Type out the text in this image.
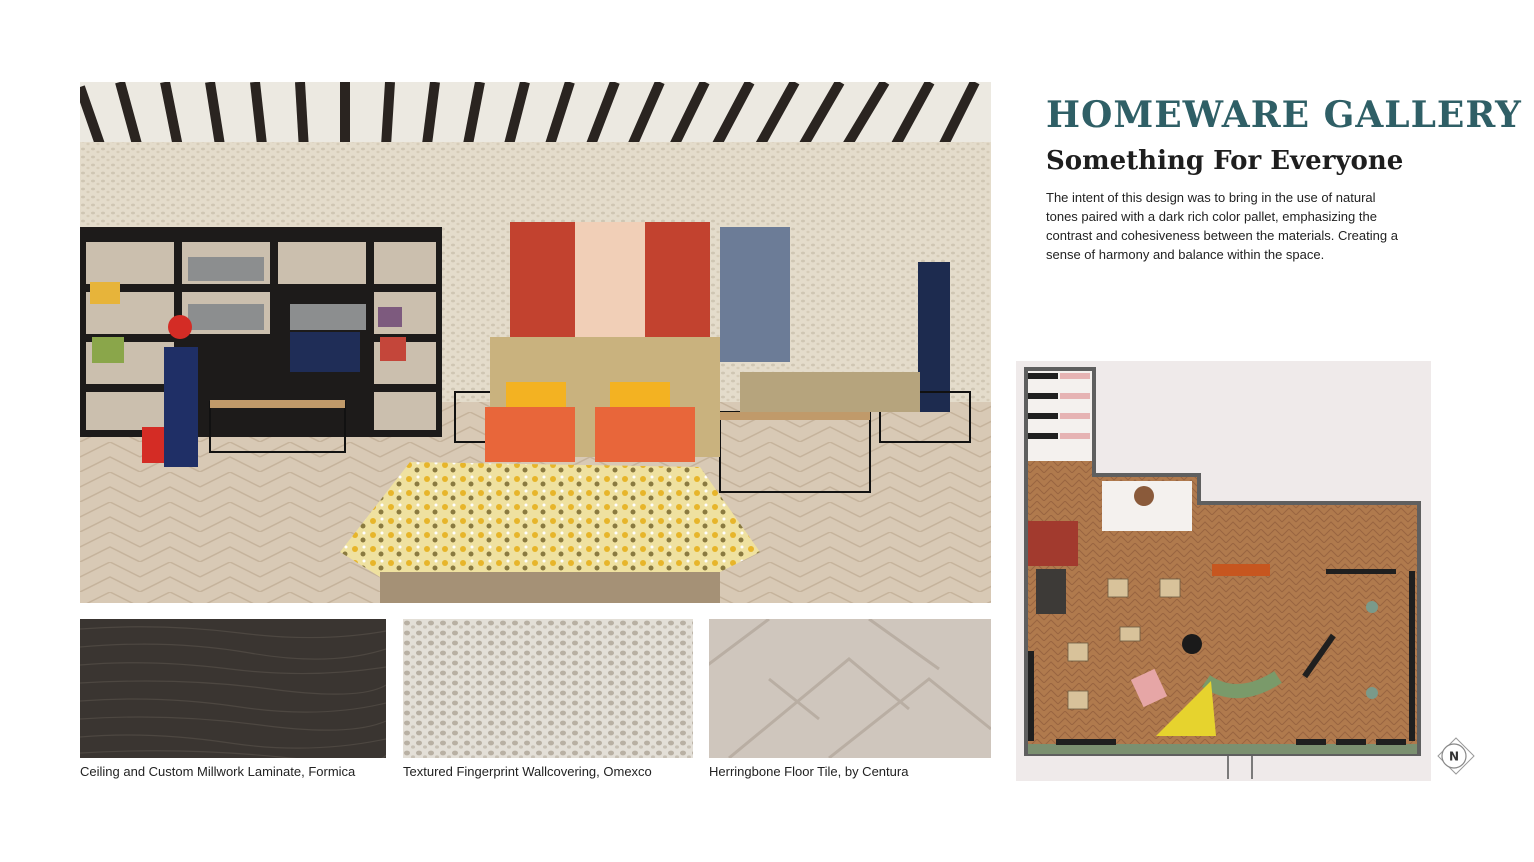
Ceiling and Custom Millwork Laminate, Formica	Textured Fingerprint Wallcovering, Omexco	Herringbone Floor Tile, by Centura
HOMEWARE GALLERY
Something For Everyone
The intent of this design was to bring in the use of natural tones paired with a dark rich color pallet, emphasizing the contrast and cohesiveness between the materials. Creating a sense of harmony and balance within the space.
N
